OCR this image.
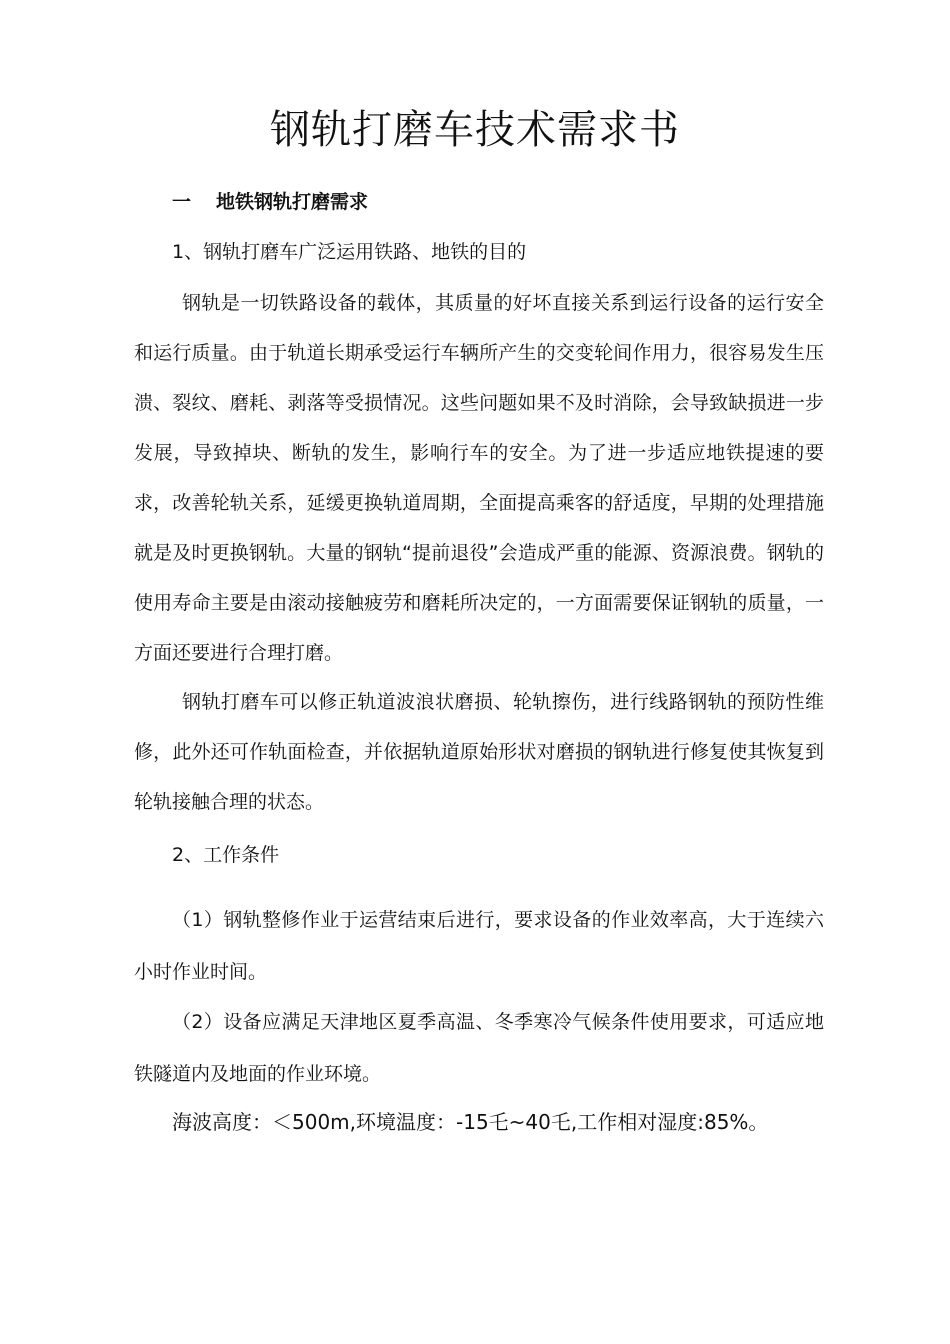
钢轨打磨车技术需求书
一 地铁钢轨打磨需求

1、钢轨打磨车广泛运用铁路、地铁的目的

钢轨是一切铁路设备的载体，其质量的好坏直接关系到运行设备的运行安全和运行质量。由于轨道长期承受运行车辆所产生的交变轮间作用力，很容易发生压溃、裂纹、磨耗、剥落等受损情况。这些问题如果不及时消除，会导致缺损进一步发展，导致掉块、断轨的发生，影响行车的安全。为了进一步适应地铁提速的要求，改善轮轨关系，延缓更换轨道周期，全面提高乘客的舒适度，早期的处理措施就是及时更换钢轨。大量的钢轨“提前退役”会造成严重的能源、资源浪费。钢轨的使用寿命主要是由滚动接触疲劳和磨耗所决定的，一方面需要保证钢轨的质量，一方面还要进行合理打磨。

钢轨打磨车可以修正轨道波浪状磨损、轮轨擦伤，进行线路钢轨的预防性维修，此外还可作轨面检查，并依据轨道原始形状对磨损的钢轨进行修复使其恢复到轮轨接触合理的状态。

2、工作条件

（1）钢轨整修作业于运营结束后进行，要求设备的作业效率高，大于连续六小时作业时间。

（2）设备应满足天津地区夏季高温、冬季寒冷气候条件使用要求，可适应地铁隧道内及地面的作业环境。

海波高度：＜500m,环境温度：-15乇~40乇,工作相对湿度:85%。
